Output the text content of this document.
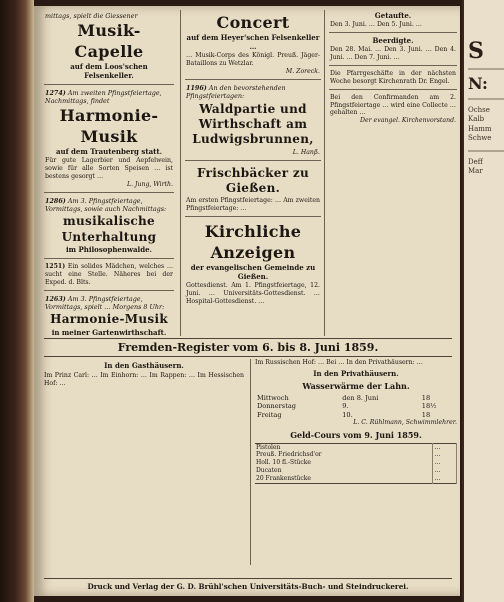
mittags, spielt die Giessener
Musik-Capelle
auf dem Loos'schen Felsenkeller.
1274) Am zweiten Pfingstfeiertage, Nachmittags, findet
Harmonie-Musik
auf dem Trautenberg statt.
Für gute Lagerbier und Aepfelwein, sowie für alle Sorten Speisen … ist bestens gesorgt …
L. Jung, Wirth.
1286) Am 3. Pfingstfeiertage, Vormittags, sowie auch Nachmittags:
musikalische Unterhaltung
im Philosophenwalde.
1251) Ein solides Mädchen, welches … sucht eine Stelle. Näheres bei der Exped. d. Blts.
1263) Am 3. Pfingstfeiertage, Vormittags, spielt … Morgens 8 Uhr:
Harmonie-Musik
in meiner Gartenwirthschaft.
Concert
auf dem Heyer'schen Felsenkeller …
… Musik-Corps des Königl. Preuß. Jäger-Bataillons zu Wetzlar.
M. Zoreck.
1196) An den bevorstehenden Pfingstfeiertagen:
Waldpartie und Wirthschaft am Ludwigsbrunnen,
L. Hanß.
Frischbäcker zu Gießen.
Am ersten Pfingstfeiertage: … Am zweiten Pfingstfeiertage: …
Kirchliche Anzeigen
der evangelischen Gemeinde zu Gießen.
Gottesdienst. Am 1. Pfingstfeiertage, 12. Juni. … Universitäts-Gottesdienst. … Hospital-Gottesdienst. …
Getaufte.
Den 3. Juni. … Den 5. Juni. …
Beerdigte.
Den 28. Mai. … Den 3. Juni. … Den 4. Juni. … Den 7. Juni. …
Die Pfarrgeschäfte in der nächsten Woche besorgt Kirchenrath Dr. Engel.
Bei den Confirmanden am 2. Pfingstfeiertage … wird eine Collecte … gehalten …
Der evangel. Kirchenvorstand.
Fremden-Register vom 6. bis 8. Juni 1859.
In den Gasthäusern.
Im Prinz Carl: … Im Einhorn: … Im Rappen: … Im Hessischen Hof: …
Im Russischen Hof: … Bei … In den Privathäusern: …
In den Privathäusern.
Wasserwärme der Lahn.
Mittwoch	den 8. Juni	18
Donnerstag	9.	18½
Freitag	10.	18
L. C. Rühlmann, Schwimmlehrer.
Geld-Cours vom 9. Juni 1859.
Pistolen	…
Preuß. Friedrichsd'or	…
Holl. 10 fl.-Stücke	…
Ducaten	…
20 Frankenstücke	…
Druck und Verlag der G. D. Brühl'schen Universitäts-Buch- und Steindruckerei.
S
N:
Ochse
Kalb
Hamm
Schwe
Deff
Mar
